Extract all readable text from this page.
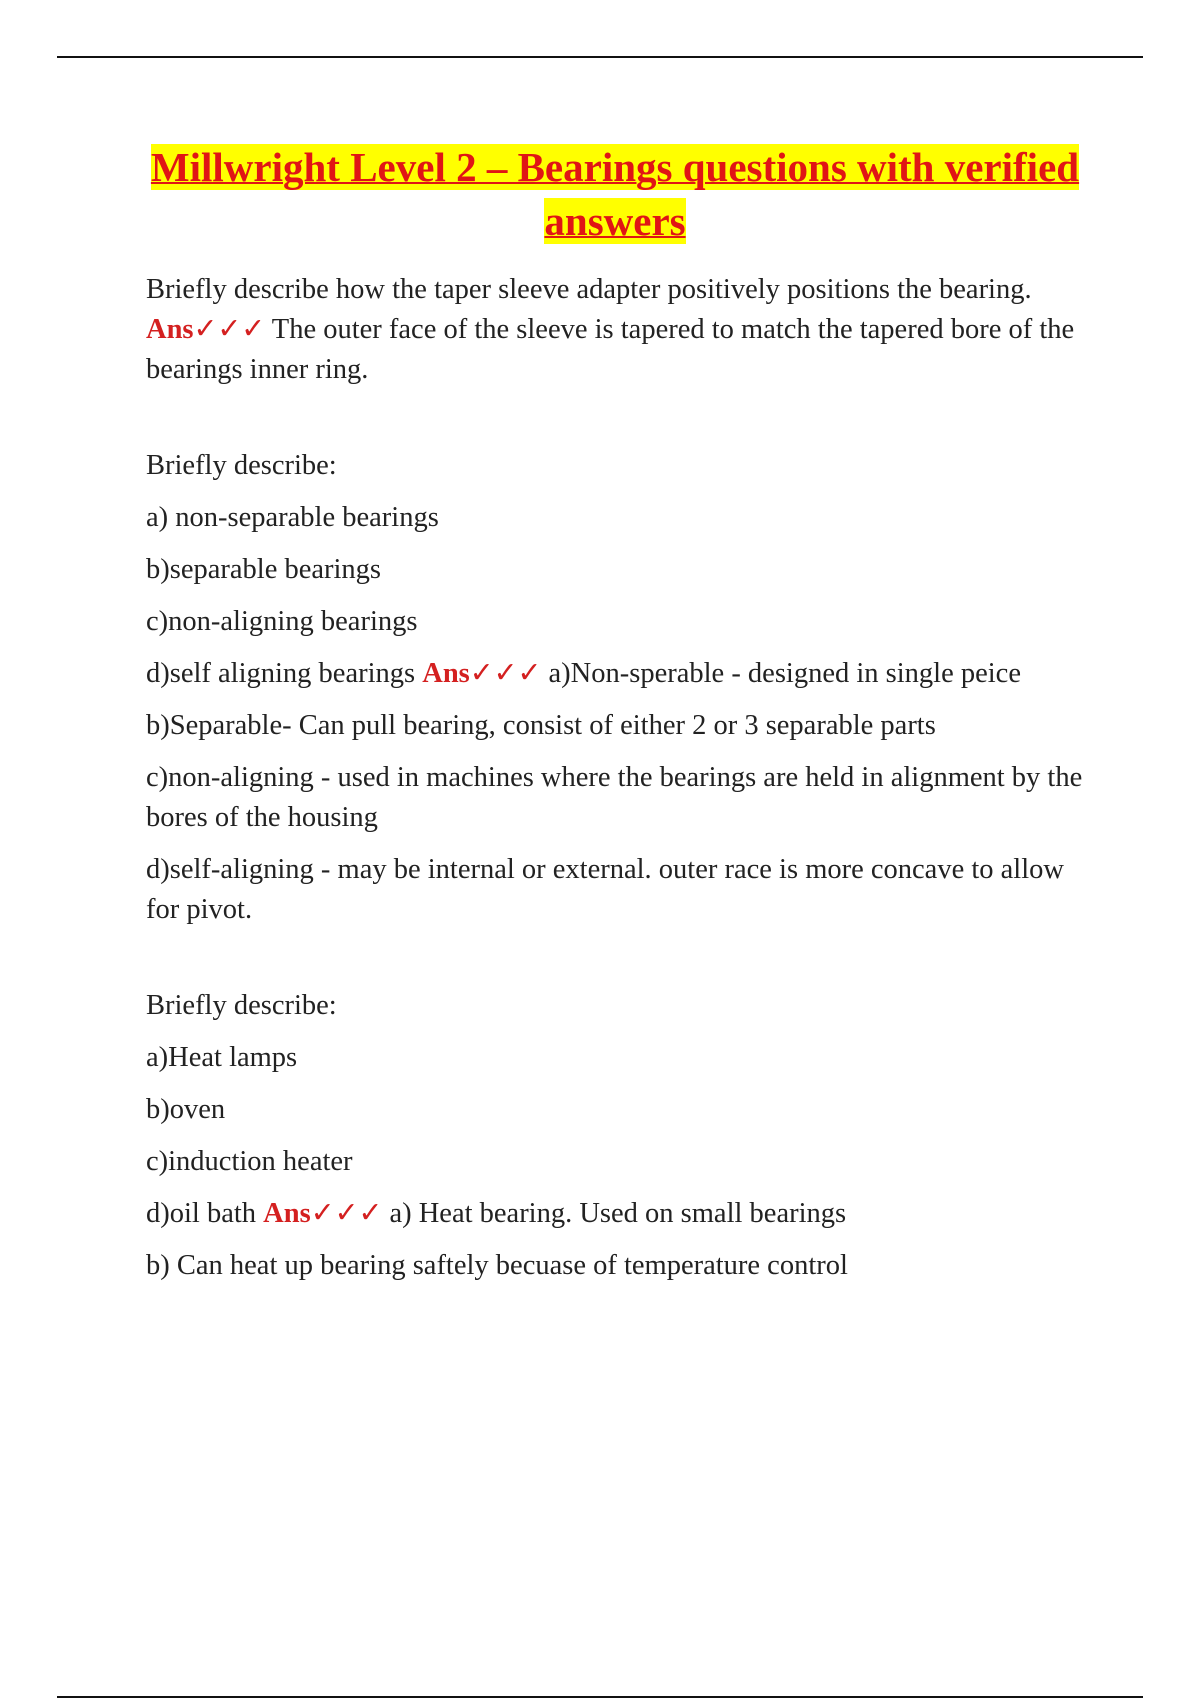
Millwright Level 2 – Bearings questions with verified answers

Briefly describe how the taper sleeve adapter positively positions the bearing. Ans✓✓✓ The outer face of the sleeve is tapered to match the tapered bore of the bearings inner ring.

Briefly describe:

a) non-separable bearings

b)separable bearings

c)non-aligning bearings

d)self aligning bearings Ans✓✓✓ a)Non-sperable - designed in single peice

b)Separable- Can pull bearing, consist of either 2 or 3 separable parts

c)non-aligning - used in machines where the bearings are held in alignment by the bores of the housing

d)self-aligning - may be internal or external. outer race is more concave to allow for pivot.

Briefly describe:

a)Heat lamps

b)oven

c)induction heater

d)oil bath Ans✓✓✓ a) Heat bearing. Used on small bearings

b) Can heat up bearing saftely becuase of temperature control
